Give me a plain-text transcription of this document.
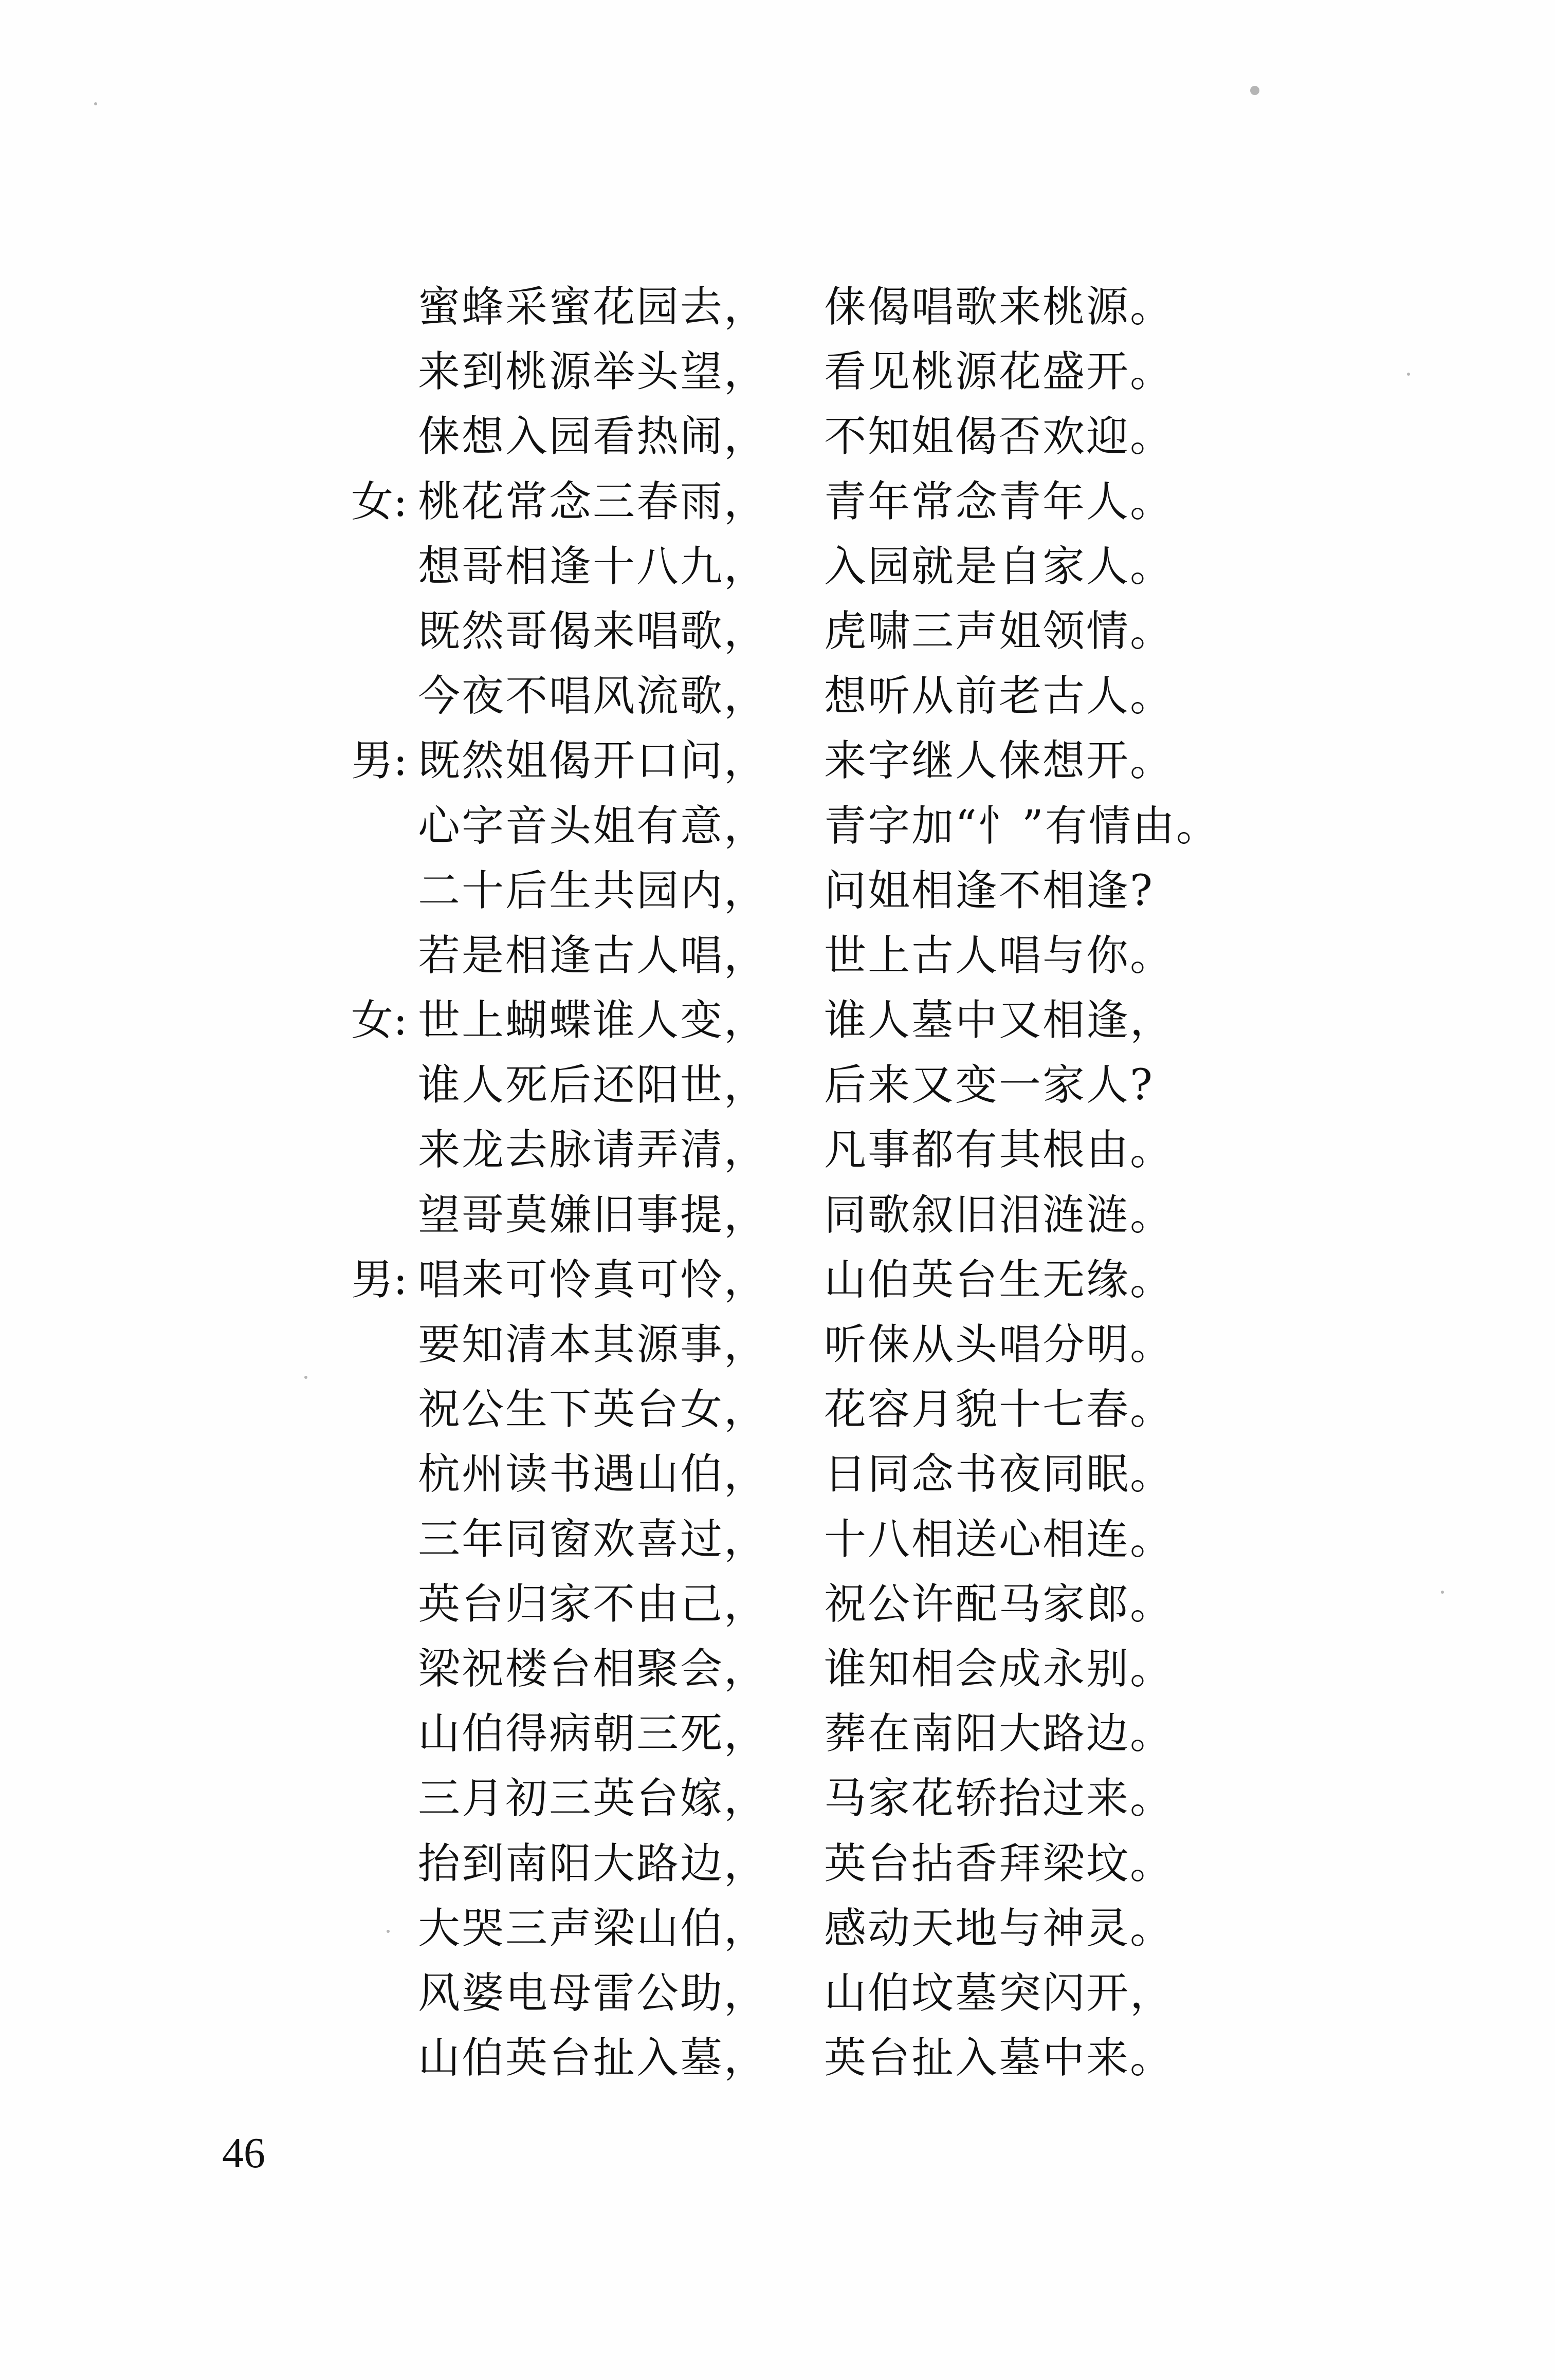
蜜蜂采蜜花园去， 俫偈唱歌来桃源。
来到桃源举头望， 看见桃源花盛开。
俫想入园看热闹， 不知姐偈否欢迎。
女: 桃花常念三春雨， 青年常念青年人。
想哥相逢十八九， 入园就是自家人。
既然哥偈来唱歌， 虎啸三声姐领情。
今夜不唱风流歌， 想听从前老古人。
男: 既然姐偈开口问， 来字继人俫想开。
心字音头姐有意， 青字加“忄”有情由。
二十后生共园内， 问姐相逢不相逢?
若是相逢古人唱， 世上古人唱与你。
女: 世上蝴蝶谁人变， 谁人墓中又相逢，
谁人死后还阳世， 后来又变一家人?
来龙去脉请弄清， 凡事都有其根由。
望哥莫嫌旧事提， 同歌叙旧泪涟涟。
男: 唱来可怜真可怜， 山伯英台生无缘。
要知清本其源事， 听俫从头唱分明。
祝公生下英台女， 花容月貌十七春。
杭州读书遇山伯， 日同念书夜同眠。
三年同窗欢喜过， 十八相送心相连。
英台归家不由己， 祝公许配马家郎。
梁祝楼台相聚会， 谁知相会成永别。
山伯得病朝三死， 葬在南阳大路边。
三月初三英台嫁， 马家花轿抬过来。
抬到南阳大路边， 英台拈香拜梁坟。
大哭三声梁山伯， 感动天地与神灵。
风婆电母雷公助， 山伯坟墓突闪开，
山伯英台扯入墓， 英台扯入墓中来。
46
